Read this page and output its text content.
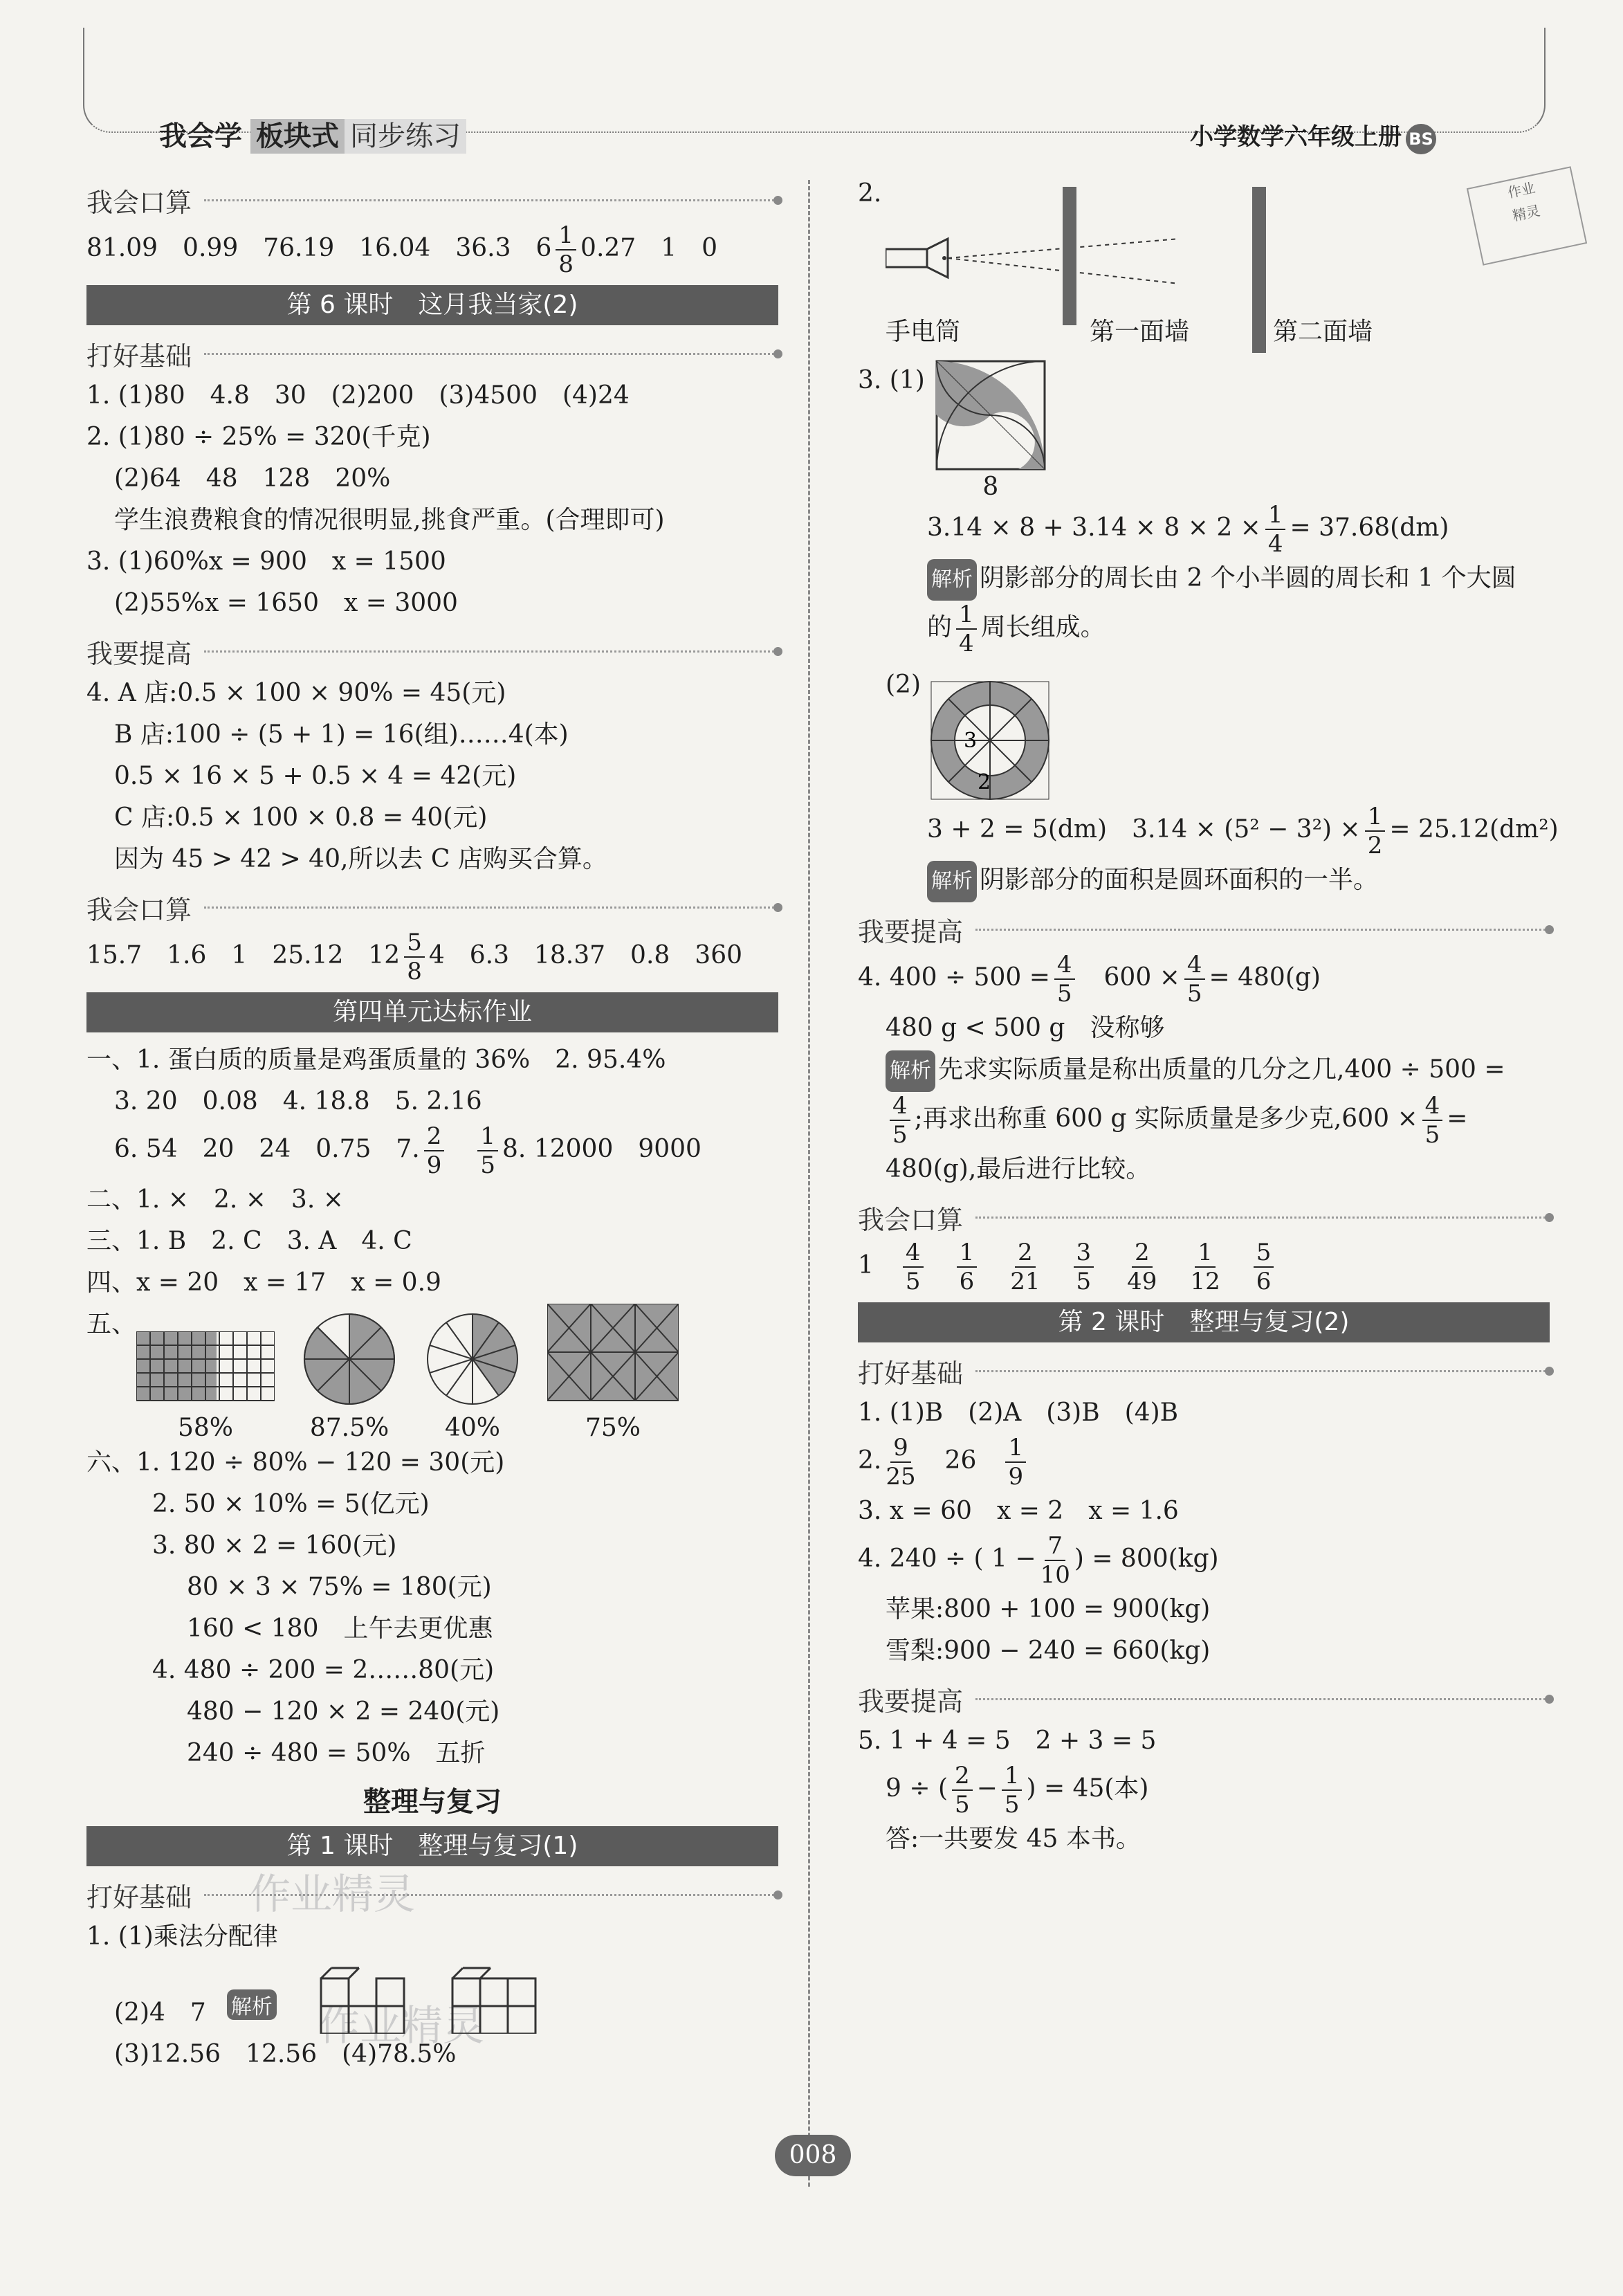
我会学 板块式 同步练习	小学数学六年级上册 BS
作业
精灵
作业精灵
作业精灵
我会口算
81.09　0.99　76.19　16.04　36.3　$6 \frac{1}{8} 0.27$　1　0
第 6 课时　这月我当家(2)
打好基础
1. (1)80　4.8　30　(2)200　(3)4500　(4)24
2. (1)80 ÷ 25% = 320(千克)
(2)64　48　128　20%
学生浪费粮食的情况很明显,挑食严重。(合理即可)
3. (1)60%x = 900　x = 1500
(2)55%x = 1650　x = 3000
我要提高
4. A 店:0.5 × 100 × 90% = 45(元)
B 店:100 ÷ (5 + 1) = 16(组)……4(本)
0.5 × 16 × 5 + 0.5 × 4 = 42(元)
C 店:0.5 × 100 × 0.8 = 40(元)
因为 45 > 42 > 40,所以去 C 店购买合算。
我会口算
15.7　1.6　1　25.12　$12 \frac{5}{8} 4$　6.3　18.37　0.8　360
第四单元达标作业
一、1. 蛋白质的质量是鸡蛋质量的 36%　2. 95.4%
3. 20　0.08　4. 18.8　5. 2.16
6. 54　20　24　0.75　7. $\frac{2}{9}$
　 $\frac{1}{5} 8$. 12000　9000
二、1. ×　2. ×　3. ×
三、1. B　2. C　3. A　4. C
四、x = 20　x = 17　x = 0.9
五、
58%	87.5%	40%	75%
六、1. 120 ÷ 80% − 120 = 30(元)
2. 50 × 10% = 5(亿元)
3. 80 × 2 = 160(元)
80 × 3 × 75% = 180(元)
160 < 180　上午去更优惠
4. 480 ÷ 200 = 2……80(元)
480 − 120 × 2 = 240(元)
240 ÷ 480 = 50%　五折
整理与复习
第 1 课时　整理与复习(1)
打好基础
1. (1)乘法分配律
(2)4　7 解析
(3)12.56　12.56　(4)78.5%
2.
手电筒	第一面墙	第二面墙
3. (1)
8
$3.14 \times 8 + 3.14 \times 8 \times 2 \times \frac{1}{4} = 37.68(dm)$
解析 阴影部分的周长由 2 个小半圆的周长和 1 个大圆
的 $\frac{1}{4}$ 周长组成。
(2)
3
2
3 + 2 = 5(dm)　$3.14 \times (5^2 - 3^2) \times \frac{1}{2} = 25.12(dm^2)$
解析 阴影部分的面积是圆环面积的一半。
我要提高
4. $400 \div 500 = \frac{4}{5}$
　 $600 \times \frac{4}{5} = 480(g)$
480 g < 500 g　没称够
解析 先求实际质量是称出质量的几分之几,400 ÷ 500 =
$\frac{4}{5}$ ;再求出称重 600 g 实际质量是多少克$,600 \times \frac{4}{5}$ =
480(g),最后进行比较。
我会口算
1　 $\frac{4}{5}$
　 $\frac{1}{6}$
　 $\frac{2}{21}$
　 $\frac{3}{5}$
　 $\frac{2}{49}$
　 $\frac{1}{12}$
　 $\frac{5}{6}$
第 2 课时　整理与复习(2)
打好基础
1. (1)B　(2)A　(3)B　(4)B
2. $\frac{9}{25}$
　 26　 $\frac{1}{9}$
3. x = 60　x = 2　x = 1.6
4. 240 ÷ ( $1 - \frac{7}{10}$ ) = 800(kg)
苹果:800 + 100 = 900(kg)
雪梨:900 − 240 = 660(kg)
我要提高
5. 1 + 4 = 5　2 + 3 = 5
9 ÷ ( $\frac{2}{5} - \frac{1}{5}$ ) = 45(本)
答:一共要发 45 本书。
008
